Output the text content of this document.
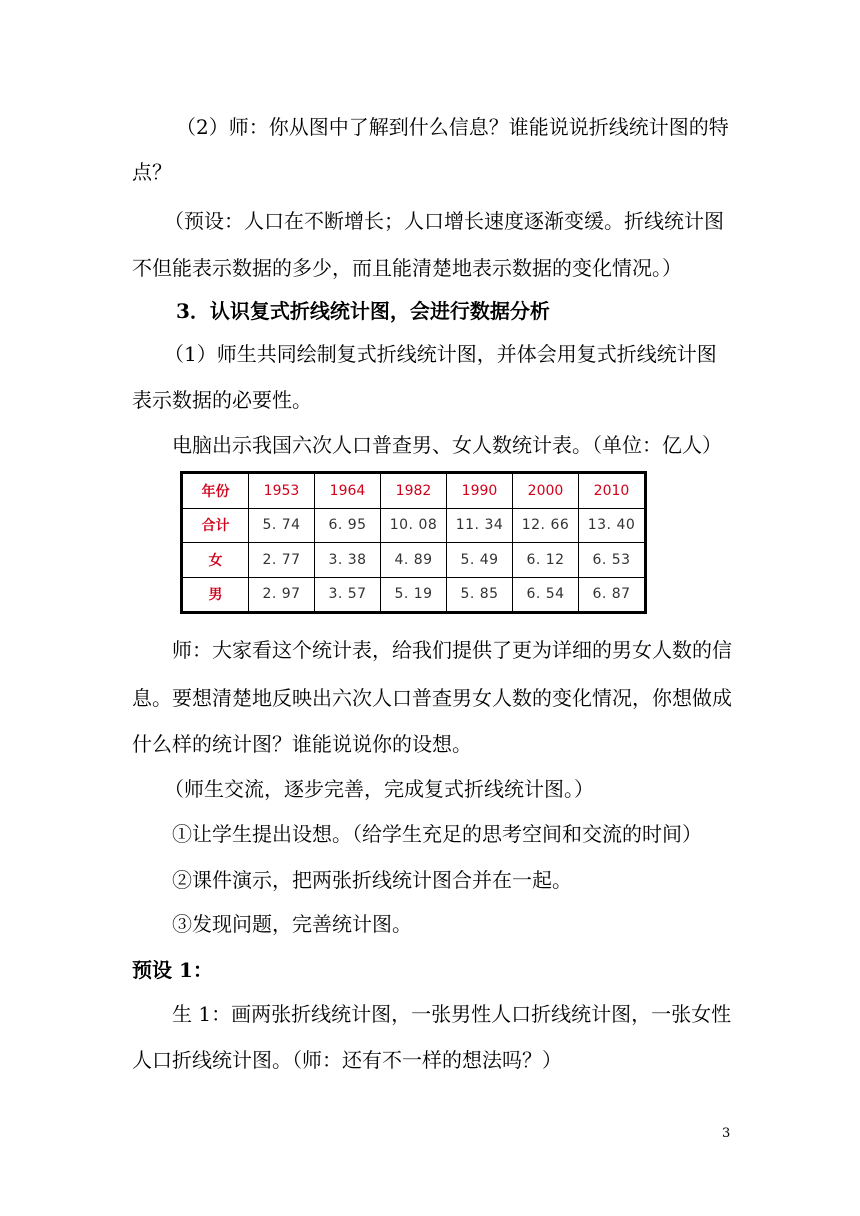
（2）师：你从图中了解到什么信息？谁能说说折线统计图的特
点？
（预设：人口在不断增长；人口增长速度逐渐变缓。折线统计图
不但能表示数据的多少，而且能清楚地表示数据的变化情况。）
3．认识复式折线统计图，会进行数据分析
（1）师生共同绘制复式折线统计图，并体会用复式折线统计图
表示数据的必要性。
电脑出示我国六次人口普查男、女人数统计表。（单位：亿人）
年份	1953	1964	1982	1990	2000	2010
合计	5. 74	6. 95	10. 08	11. 34	12. 66	13. 40
女	2. 77	3. 38	4. 89	5. 49	6. 12	6. 53
男	2. 97	3. 57	5. 19	5. 85	6. 54	6. 87
师：大家看这个统计表，给我们提供了更为详细的男女人数的信
息。要想清楚地反映出六次人口普查男女人数的变化情况，你想做成
什么样的统计图？谁能说说你的设想。
（师生交流，逐步完善，完成复式折线统计图。）
①让学生提出设想。（给学生充足的思考空间和交流的时间）
②课件演示，把两张折线统计图合并在一起。
③发现问题，完善统计图。
预设 1：
生 1：画两张折线统计图，一张男性人口折线统计图，一张女性
人口折线统计图。（师：还有不一样的想法吗？）
3
